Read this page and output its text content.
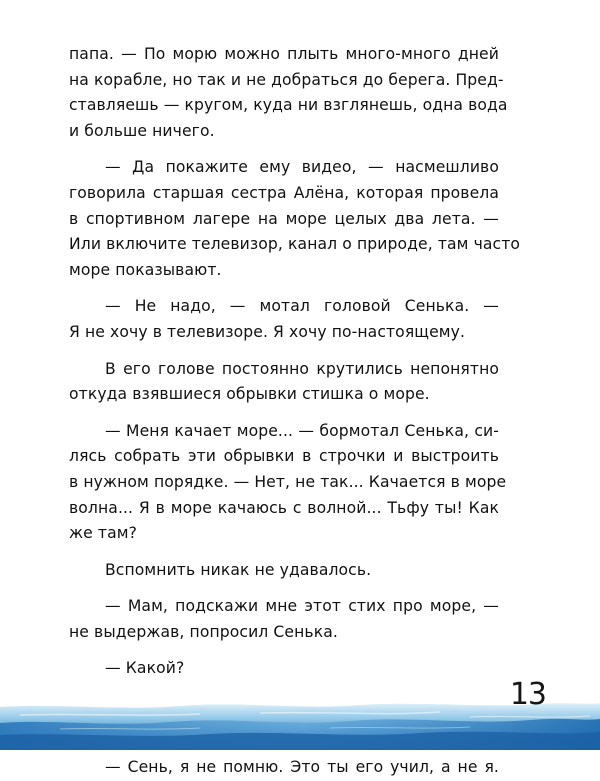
папа. — По морю можно плыть много-много дней
на корабле, но так и не добраться до берега. Пред-
ставляешь — кругом, куда ни взглянешь, одна вода
и больше ничего.

— Да покажите ему видео, — насмешливо
говорила старшая сестра Алёна, которая провела
в спортивном лагере на море целых два лета. —
Или включите телевизор, канал о природе, там часто
море показывают.

— Не надо, — мотал головой Сенька. —
Я не хочу в телевизоре. Я хочу по-настоящему.

В его голове постоянно крутились непонятно
откуда взявшиеся обрывки стишка о море.

— Меня качает море... — бормотал Сенька, си-
лясь собрать эти обрывки в строчки и выстроить
в нужном порядке. — Нет, не так... Качается в море
волна... Я в море качаюсь с волной... Тьфу ты! Как
же там?

Вспомнить никак не удавалось.

— Мам, подскажи мне этот стих про море, —
не выдержав, попросил Сенька.

— Какой?

— Сень, я не помню. Это ты его учил, а не я.

13
